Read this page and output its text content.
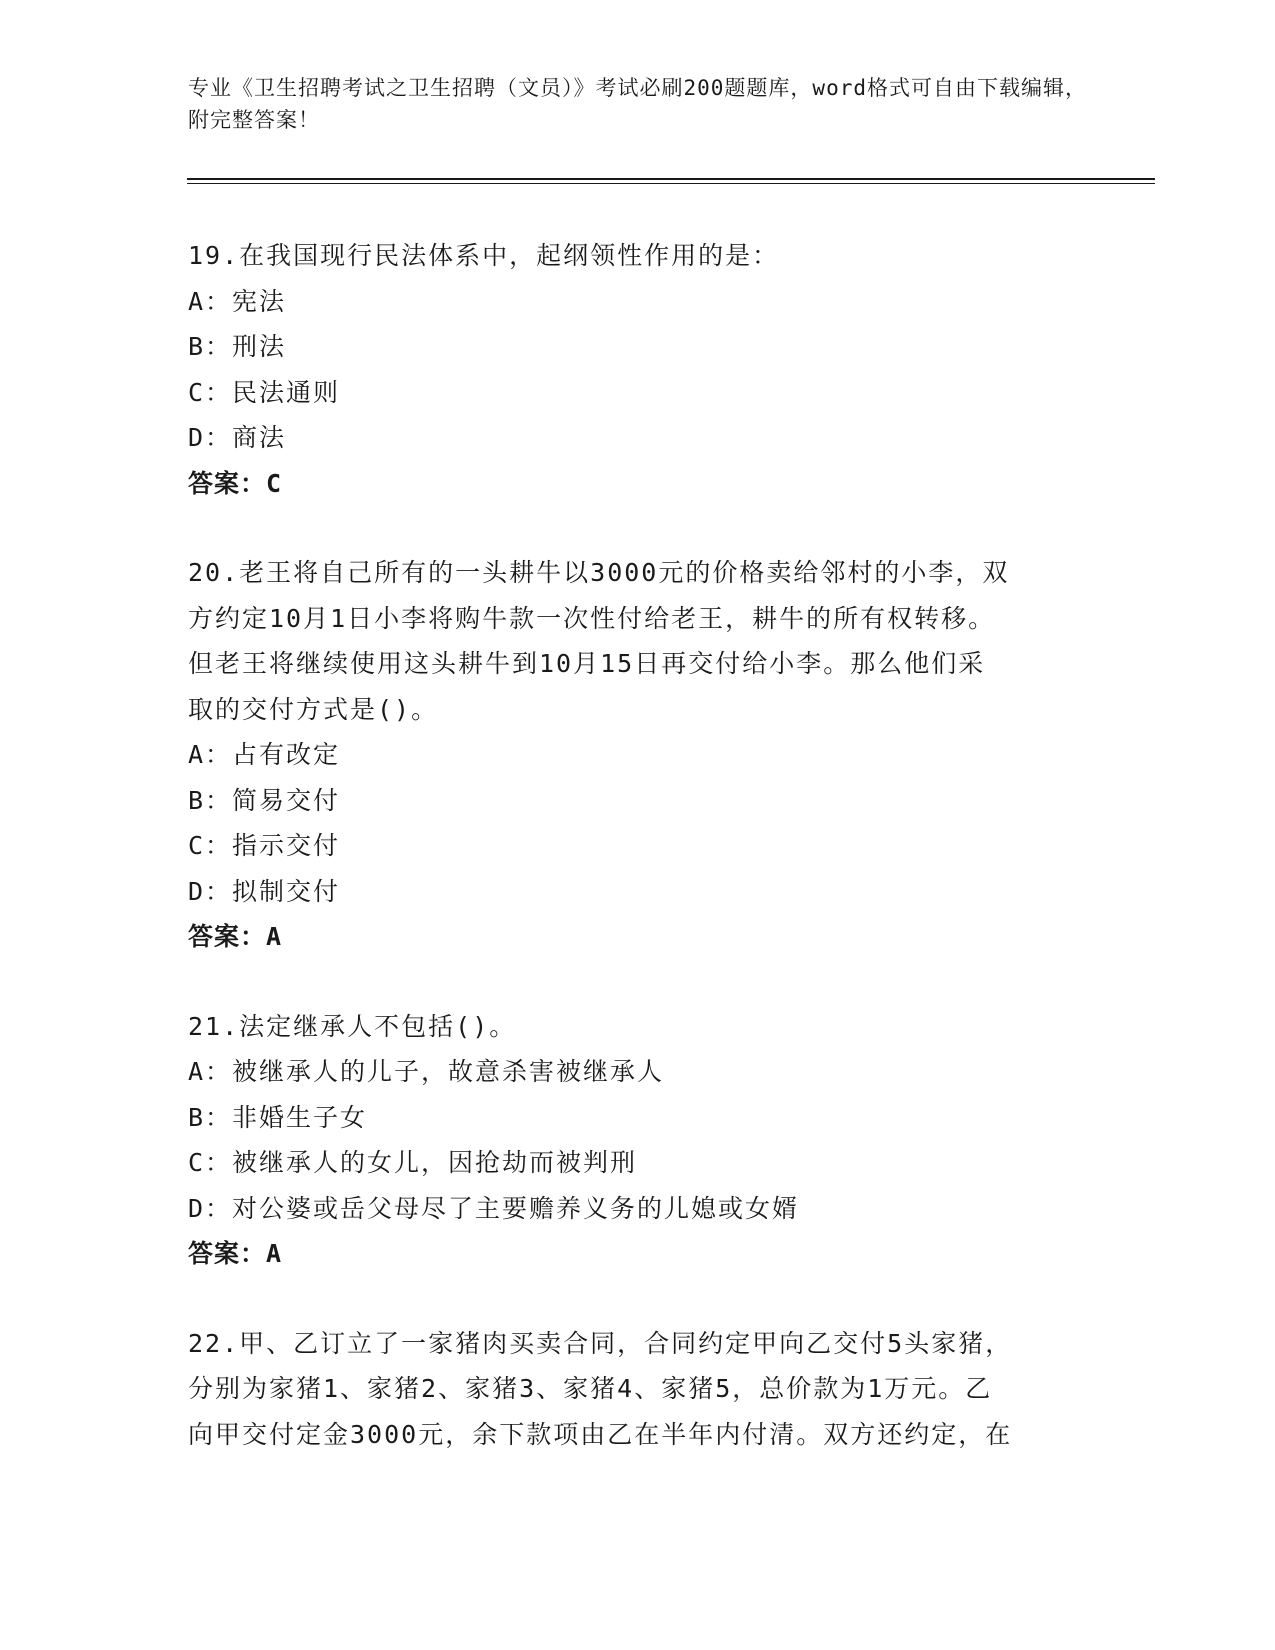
专业《卫生招聘考试之卫生招聘（文员）》考试必刷200题题库，word格式可自由下载编辑，附完整答案！
19.在我国现行民法体系中，起纲领性作用的是：
A：宪法
B：刑法
C：民法通则
D：商法
答案：C
20.老王将自己所有的一头耕牛以3000元的价格卖给邻村的小李，双
方约定10月1日小李将购牛款一次性付给老王，耕牛的所有权转移。
但老王将继续使用这头耕牛到10月15日再交付给小李。那么他们采
取的交付方式是()。
A：占有改定
B：简易交付
C：指示交付
D：拟制交付
答案：A
21.法定继承人不包括()。
A：被继承人的儿子，故意杀害被继承人
B：非婚生子女
C：被继承人的女儿，因抢劫而被判刑
D：对公婆或岳父母尽了主要赡养义务的儿媳或女婿
答案：A
22.甲、乙订立了一家猪肉买卖合同，合同约定甲向乙交付5头家猪，
分别为家猪1、家猪2、家猪3、家猪4、家猪5，总价款为1万元。乙
向甲交付定金3000元，余下款项由乙在半年内付清。双方还约定，在
